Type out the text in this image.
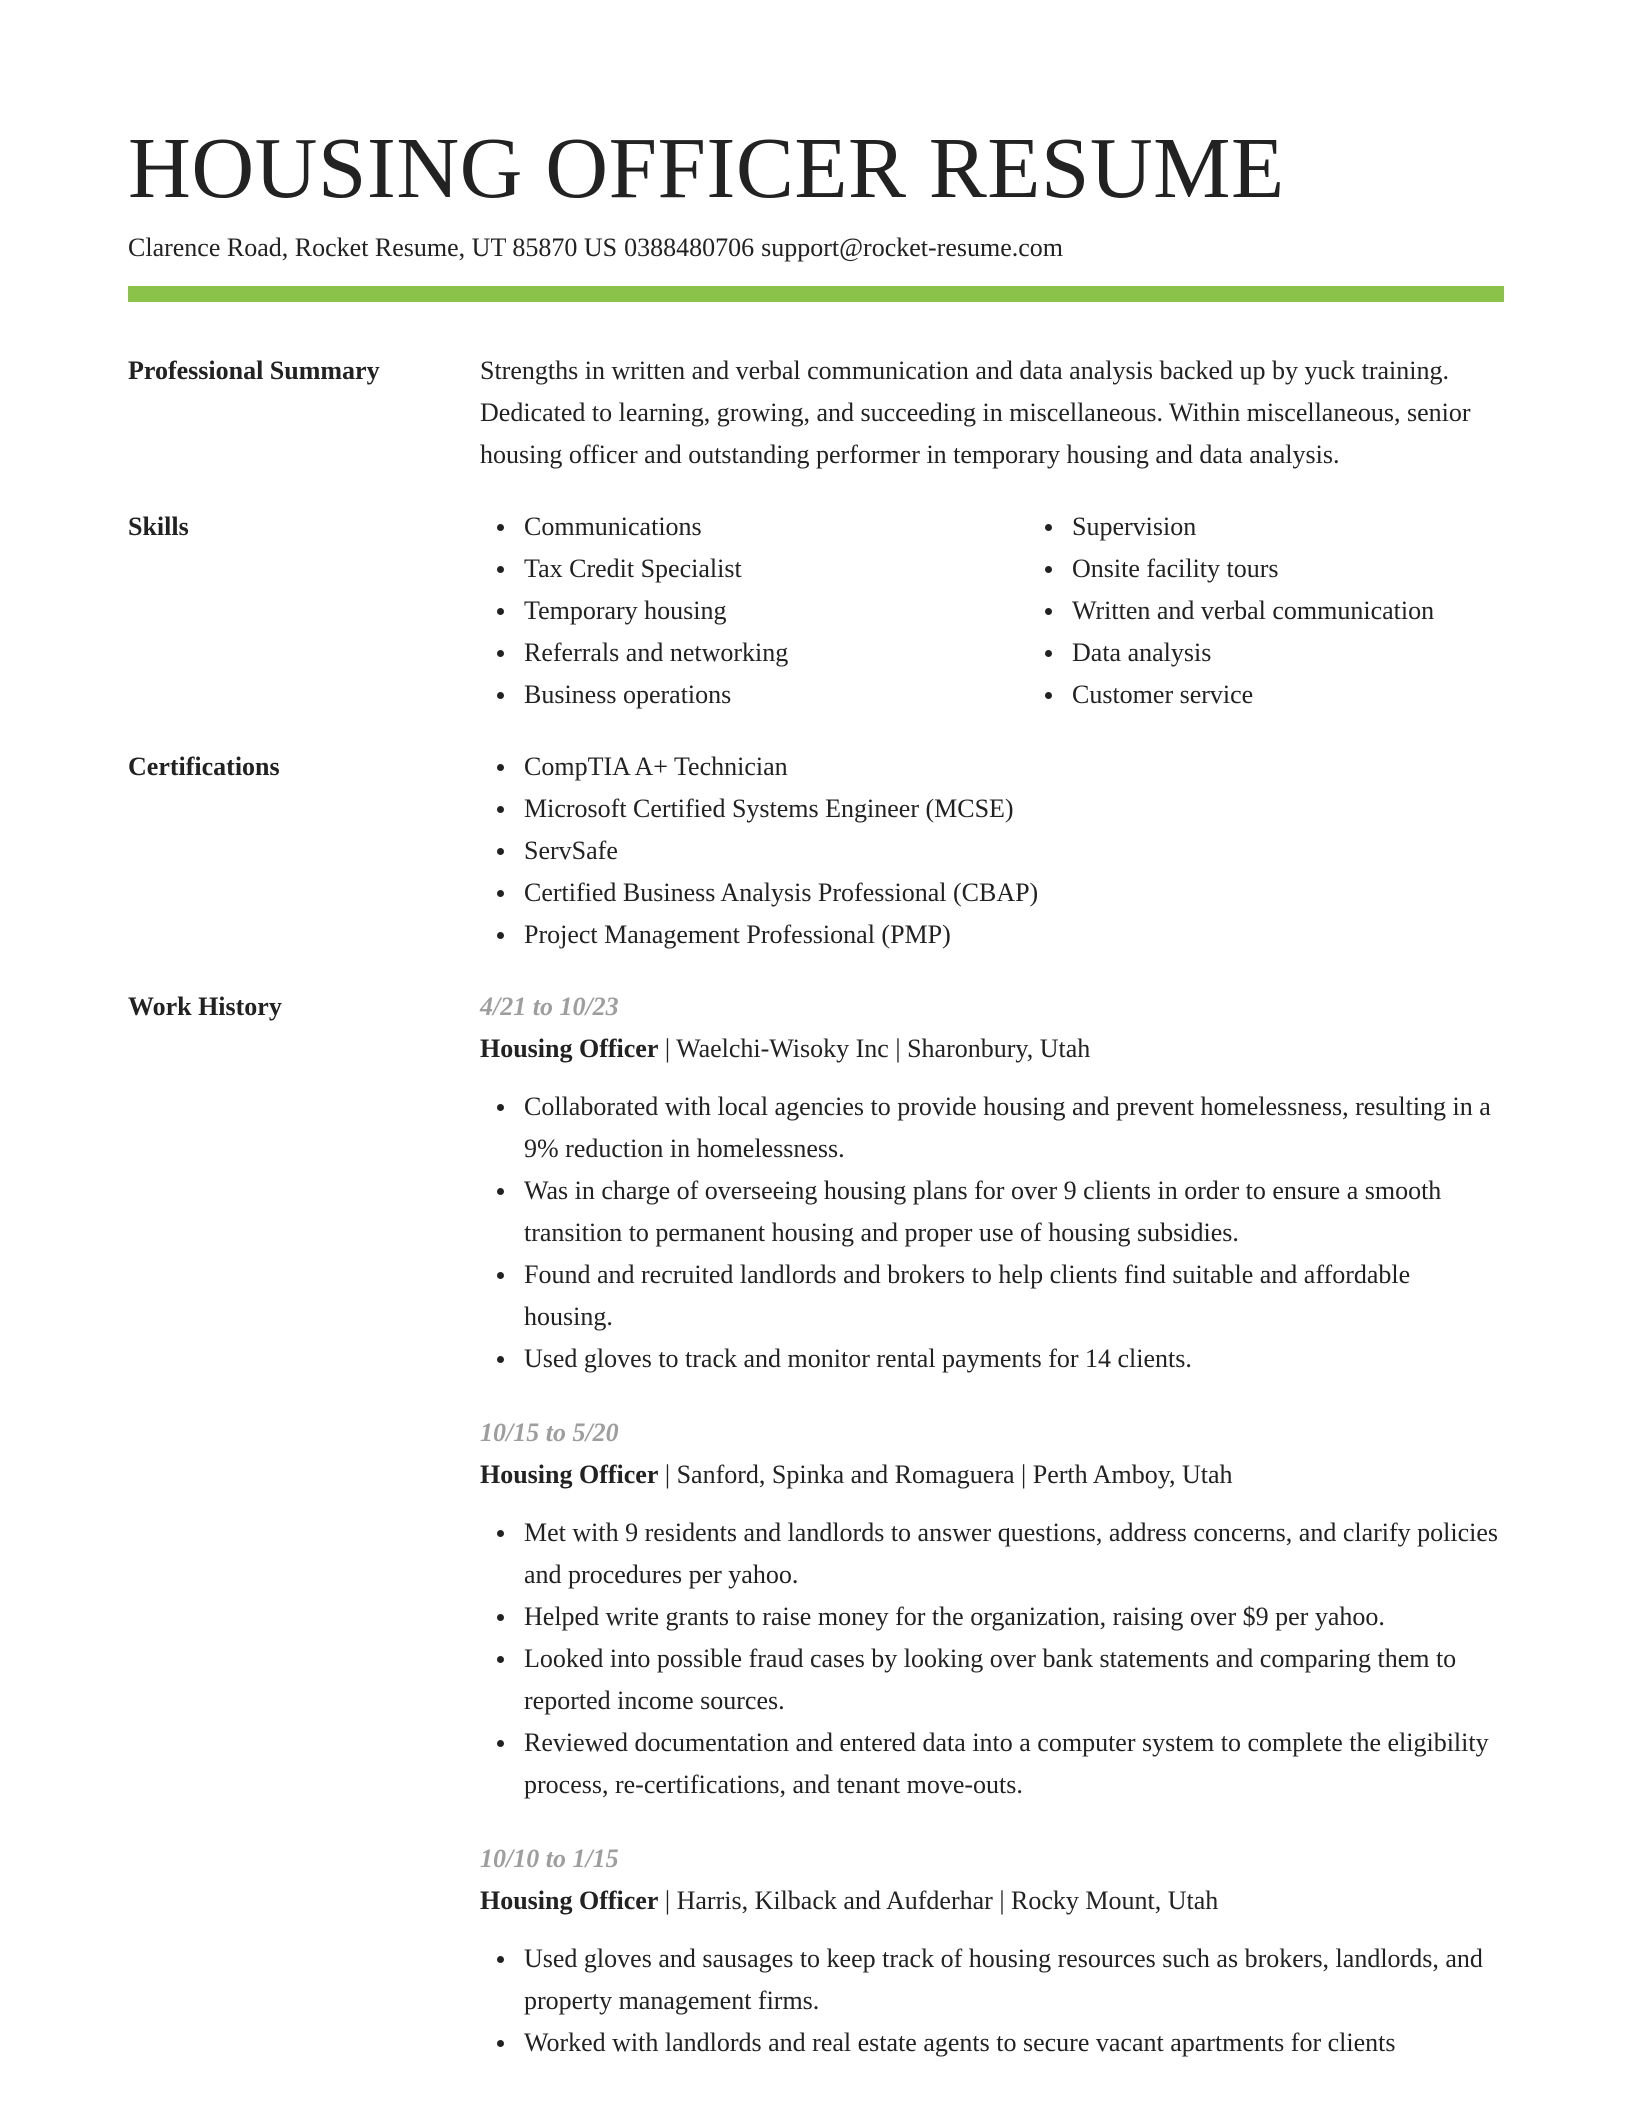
HOUSING OFFICER RESUME
Clarence Road, Rocket Resume, UT 85870 US 0388480706 support@rocket-resume.com
Professional Summary	Strengths in written and verbal communication and data analysis backed up by yuck training. Dedicated to learning, growing, and succeeding in miscellaneous. Within miscellaneous, senior housing officer and outstanding performer in temporary housing and data analysis.

Skills	Communications
Tax Credit Specialist
Temporary housing
Referrals and networking
Business operations
Supervision
Onsite facility tours
Written and verbal communication
Data analysis
Customer service
Certifications	CompTIA A+ Technician
Microsoft Certified Systems Engineer (MCSE)
ServSafe
Certified Business Analysis Professional (CBAP)
Project Management Professional (PMP)
Work History	4/21 to 10/23
Housing Officer | Waelchi-Wisoky Inc | Sharonbury, Utah
Collaborated with local agencies to provide housing and prevent homelessness, resulting in a 9% reduction in homelessness.
Was in charge of overseeing housing plans for over 9 clients in order to ensure a smooth transition to permanent housing and proper use of housing subsidies.
Found and recruited landlords and brokers to help clients find suitable and affordable housing.
Used gloves to track and monitor rental payments for 14 clients.
10/15 to 5/20
Housing Officer | Sanford, Spinka and Romaguera | Perth Amboy, Utah
Met with 9 residents and landlords to answer questions, address concerns, and clarify policies and procedures per yahoo.
Helped write grants to raise money for the organization, raising over $9 per yahoo.
Looked into possible fraud cases by looking over bank statements and comparing them to reported income sources.
Reviewed documentation and entered data into a computer system to complete the eligibility process, re-certifications, and tenant move-outs.
10/10 to 1/15
Housing Officer | Harris, Kilback and Aufderhar | Rocky Mount, Utah
Used gloves and sausages to keep track of housing resources such as brokers, landlords, and property management firms.
Worked with landlords and real estate agents to secure vacant apartments for clients
